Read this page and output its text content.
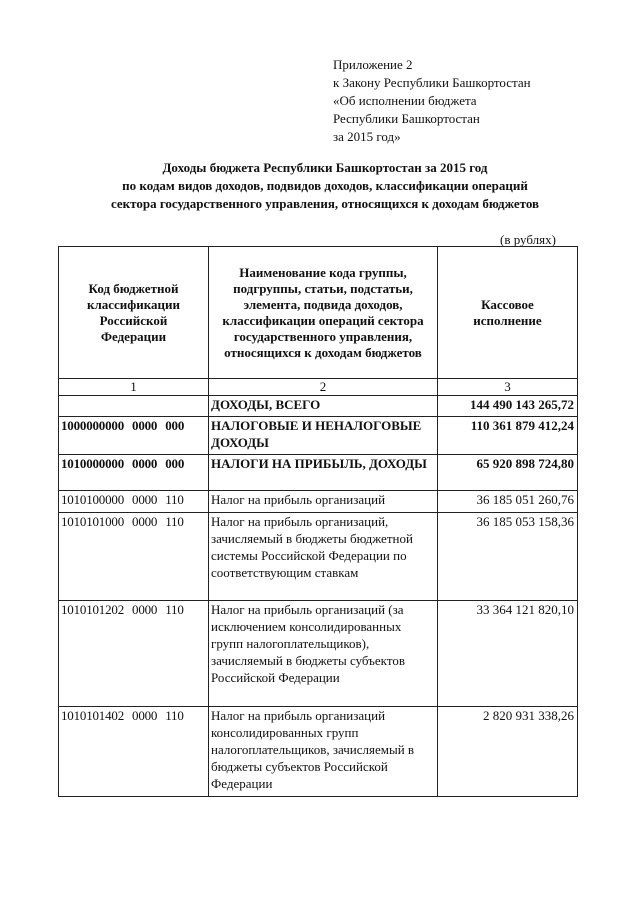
Приложение 2
к Закону Республики Башкортостан
«Об исполнении бюджета
Республики Башкортостан
за 2015 год»
Доходы бюджета Республики Башкортостан за 2015 год
по кодам видов доходов, подвидов доходов, классификации операций
сектора государственного управления, относящихся к доходам бюджетов
(в рублях)
Код бюджетной классификации Российской Федерации	Наименование кода группы, подгруппы, статьи, подстатьи, элемента, подвида доходов, классификации операций сектора государственного управления, относящихся к доходам бюджетов	Кассовое исполнение
1	2	3
	ДОХОДЫ, ВСЕГО	144 490 143 265,72
1000000000 0000 000	НАЛОГОВЫЕ И НЕНАЛОГОВЫЕ ДОХОДЫ	110 361 879 412,24
1010000000 0000 000	НАЛОГИ НА ПРИБЫЛЬ, ДОХОДЫ	65 920 898 724,80
1010100000 0000 110	Налог на прибыль организаций	36 185 051 260,76
1010101000 0000 110	Налог на прибыль организаций, зачисляемый в бюджеты бюджетной системы Российской Федерации по соответствующим ставкам	36 185 053 158,36
1010101202 0000 110	Налог на прибыль организаций (за исключением консолидированных групп налогоплательщиков), зачисляемый в бюджеты субъектов Российской Федерации	33 364 121 820,10
1010101402 0000 110	Налог на прибыль организаций консолидированных групп налогоплательщиков, зачисляемый в бюджеты субъектов Российской Федерации	2 820 931 338,26
